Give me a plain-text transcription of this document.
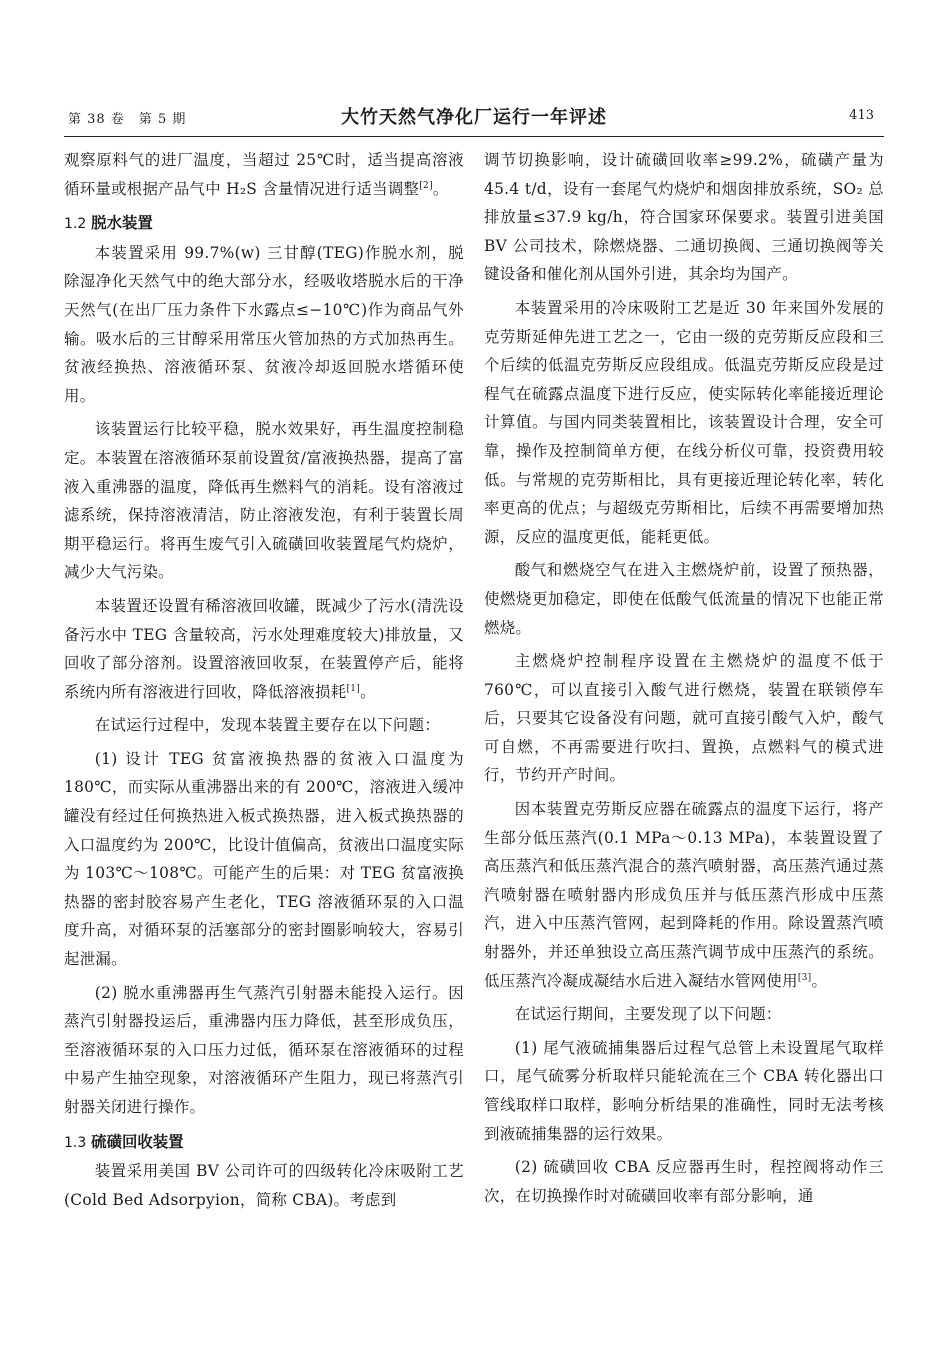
第 38 卷　第 5 期	大竹天然气净化厂运行一年评述	413

观察原料气的进厂温度，当超过 25℃时，适当提高溶液循环量或根据产品气中 H₂S 含量情况进行适当调整[2]。

1.2 脱水装置

本装置采用 99.7%(w) 三甘醇(TEG)作脱水剂，脱除湿净化天然气中的绝大部分水，经吸收塔脱水后的干净天然气(在出厂压力条件下水露点≤−10℃)作为商品气外输。吸水后的三甘醇采用常压火管加热的方式加热再生。贫液经换热、溶液循环泵、贫液冷却返回脱水塔循环使用。

该装置运行比较平稳，脱水效果好，再生温度控制稳定。本装置在溶液循环泵前设置贫/富液换热器，提高了富液入重沸器的温度，降低再生燃料气的消耗。设有溶液过滤系统，保持溶液清洁，防止溶液发泡，有利于装置长周期平稳运行。将再生废气引入硫磺回收装置尾气灼烧炉，减少大气污染。

本装置还设置有稀溶液回收罐，既减少了污水(清洗设备污水中 TEG 含量较高，污水处理难度较大)排放量，又回收了部分溶剂。设置溶液回收泵，在装置停产后，能将系统内所有溶液进行回收，降低溶液损耗[1]。

在试运行过程中，发现本装置主要存在以下问题：

(1) 设计 TEG 贫富液换热器的贫液入口温度为 180℃，而实际从重沸器出来的有 200℃，溶液进入缓冲罐没有经过任何换热进入板式换热器，进入板式换热器的入口温度约为 200℃，比设计值偏高，贫液出口温度实际为 103℃～108℃。可能产生的后果：对 TEG 贫富液换热器的密封胶容易产生老化，TEG 溶液循环泵的入口温度升高，对循环泵的活塞部分的密封圈影响较大，容易引起泄漏。

(2) 脱水重沸器再生气蒸汽引射器未能投入运行。因蒸汽引射器投运后，重沸器内压力降低，甚至形成负压，至溶液循环泵的入口压力过低，循环泵在溶液循环的过程中易产生抽空现象，对溶液循环产生阻力，现已将蒸汽引射器关闭进行操作。

1.3 硫磺回收装置

装置采用美国 BV 公司许可的四级转化冷床吸附工艺(Cold Bed Adsorpyion，简称 CBA)。考虑到

调节切换影响，设计硫磺回收率≥99.2%，硫磺产量为 45.4 t/d，设有一套尾气灼烧炉和烟囱排放系统，SO₂ 总排放量≤37.9 kg/h，符合国家环保要求。装置引进美国 BV 公司技术，除燃烧器、二通切换阀、三通切换阀等关键设备和催化剂从国外引进，其余均为国产。

本装置采用的冷床吸附工艺是近 30 年来国外发展的克劳斯延伸先进工艺之一，它由一级的克劳斯反应段和三个后续的低温克劳斯反应段组成。低温克劳斯反应段是过程气在硫露点温度下进行反应，使实际转化率能接近理论计算值。与国内同类装置相比，该装置设计合理，安全可靠，操作及控制简单方便，在线分析仪可靠，投资费用较低。与常规的克劳斯相比，具有更接近理论转化率，转化率更高的优点；与超级克劳斯相比，后续不再需要增加热源，反应的温度更低，能耗更低。

酸气和燃烧空气在进入主燃烧炉前，设置了预热器，使燃烧更加稳定，即使在低酸气低流量的情况下也能正常燃烧。

主燃烧炉控制程序设置在主燃烧炉的温度不低于 760℃，可以直接引入酸气进行燃烧，装置在联锁停车后，只要其它设备没有问题，就可直接引酸气入炉，酸气可自燃，不再需要进行吹扫、置换，点燃料气的模式进行，节约开产时间。

因本装置克劳斯反应器在硫露点的温度下运行，将产生部分低压蒸汽(0.1 MPa～0.13 MPa)，本装置设置了高压蒸汽和低压蒸汽混合的蒸汽喷射器，高压蒸汽通过蒸汽喷射器在喷射器内形成负压并与低压蒸汽形成中压蒸汽，进入中压蒸汽管网，起到降耗的作用。除设置蒸汽喷射器外，并还单独设立高压蒸汽调节成中压蒸汽的系统。低压蒸汽冷凝成凝结水后进入凝结水管网使用[3]。

在试运行期间，主要发现了以下问题：

(1) 尾气液硫捕集器后过程气总管上未设置尾气取样口，尾气硫雾分析取样只能轮流在三个 CBA 转化器出口管线取样口取样，影响分析结果的准确性，同时无法考核到液硫捕集器的运行效果。

(2) 硫磺回收 CBA 反应器再生时，程控阀将动作三次，在切换操作时对硫磺回收率有部分影响，通
